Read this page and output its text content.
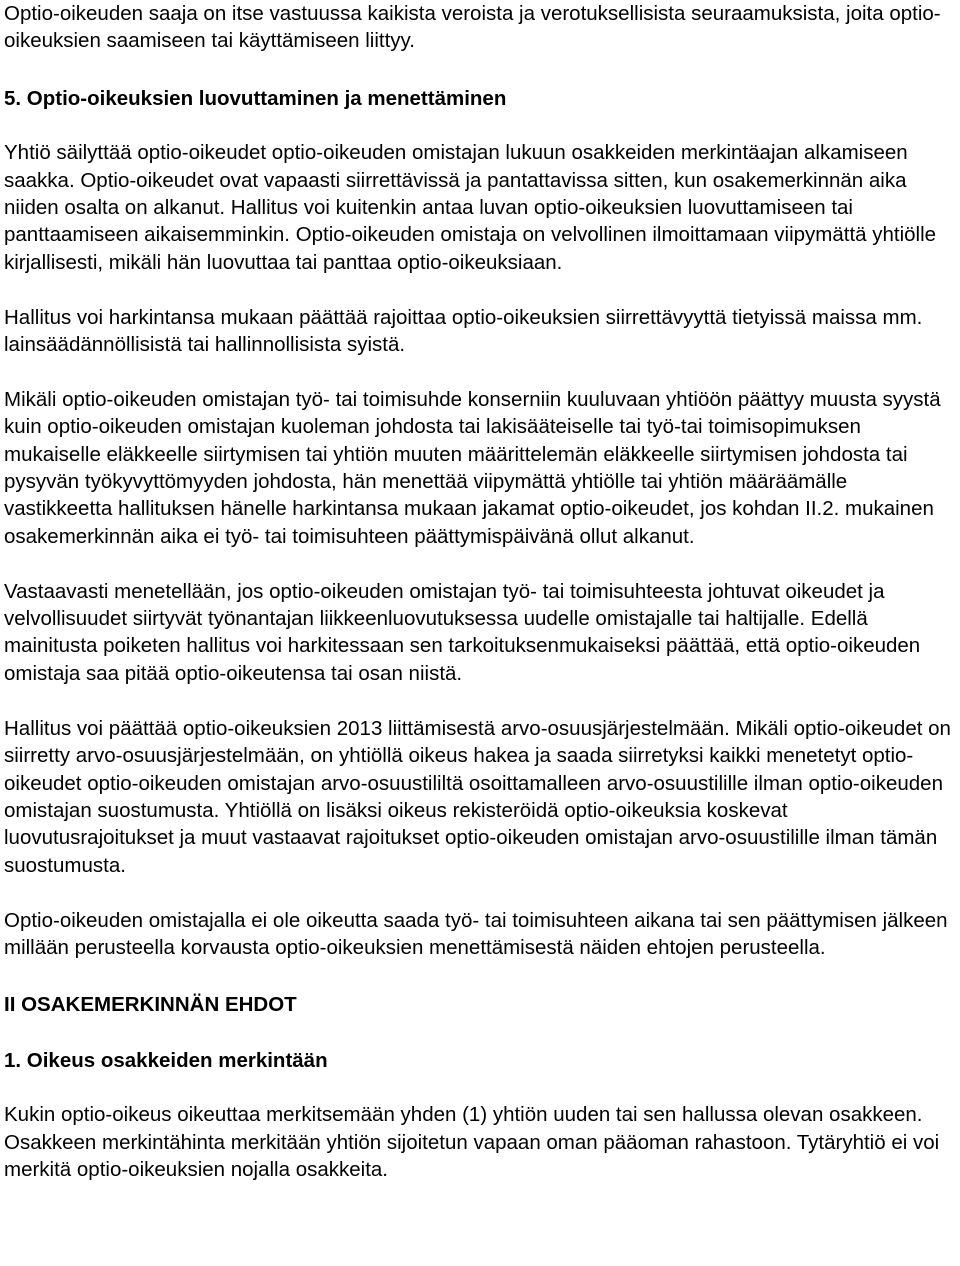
Optio-oikeuden saaja on itse vastuussa kaikista veroista ja verotuksellisista seuraamuksista, joita optio-oikeuksien saamiseen tai käyttämiseen liittyy.

5. Optio-oikeuksien luovuttaminen ja menettäminen

Yhtiö säilyttää optio-oikeudet optio-oikeuden omistajan lukuun osakkeiden merkintäajan alkamiseen saakka. Optio-oikeudet ovat vapaasti siirrettävissä ja pantattavissa sitten, kun osakemerkinnän aika niiden osalta on alkanut. Hallitus voi kuitenkin antaa luvan optio-oikeuksien luovuttamiseen tai panttaamiseen aikaisemminkin. Optio-oikeuden omistaja on velvollinen ilmoittamaan viipymättä yhtiölle kirjallisesti, mikäli hän luovuttaa tai panttaa optio-oikeuksiaan.

Hallitus voi harkintansa mukaan päättää rajoittaa optio-oikeuksien siirrettävyyttä tietyissä maissa mm. lainsäädännöllisistä tai hallinnollisista syistä.

Mikäli optio-oikeuden omistajan työ- tai toimisuhde konserniin kuuluvaan yhtiöön päättyy muusta syystä kuin optio-oikeuden omistajan kuoleman johdosta tai lakisääteiselle tai työ-tai toimisopimuksen mukaiselle eläkkeelle siirtymisen tai yhtiön muuten määrittelemän eläkkeelle siirtymisen johdosta tai pysyvän työkyvyttömyyden johdosta, hän menettää viipymättä yhtiölle tai yhtiön määräämälle vastikkeetta hallituksen hänelle harkintansa mukaan jakamat optio-oikeudet, jos kohdan II.2. mukainen osakemerkinnän aika ei työ- tai toimisuhteen päättymispäivänä ollut alkanut.

Vastaavasti menetellään, jos optio-oikeuden omistajan työ- tai toimisuhteesta johtuvat oikeudet ja velvollisuudet siirtyvät työnantajan liikkeenluovutuksessa uudelle omistajalle tai haltijalle. Edellä mainitusta poiketen hallitus voi harkitessaan sen tarkoituksenmukaiseksi päättää, että optio-oikeuden omistaja saa pitää optio-oikeutensa tai osan niistä.

Hallitus voi päättää optio-oikeuksien 2013 liittämisestä arvo-osuusjärjestelmään. Mikäli optio-oikeudet on siirretty arvo-osuusjärjestelmään, on yhtiöllä oikeus hakea ja saada siirretyksi kaikki menetetyt optio-oikeudet optio-oikeuden omistajan arvo-osuustililtä osoittamalleen arvo-osuustilille ilman optio-oikeuden omistajan suostumusta. Yhtiöllä on lisäksi oikeus rekisteröidä optio-oikeuksia koskevat luovutusrajoitukset ja muut vastaavat rajoitukset optio-oikeuden omistajan arvo-osuustilille ilman tämän suostumusta.

Optio-oikeuden omistajalla ei ole oikeutta saada työ- tai toimisuhteen aikana tai sen päättymisen jälkeen millään perusteella korvausta optio-oikeuksien menettämisestä näiden ehtojen perusteella.

II OSAKEMERKINNÄN EHDOT
1. Oikeus osakkeiden merkintään

Kukin optio-oikeus oikeuttaa merkitsemään yhden (1) yhtiön uuden tai sen hallussa olevan osakkeen. Osakkeen merkintähinta merkitään yhtiön sijoitetun vapaan oman pääoman rahastoon. Tytäryhtiö ei voi merkitä optio-oikeuksien nojalla osakkeita.
